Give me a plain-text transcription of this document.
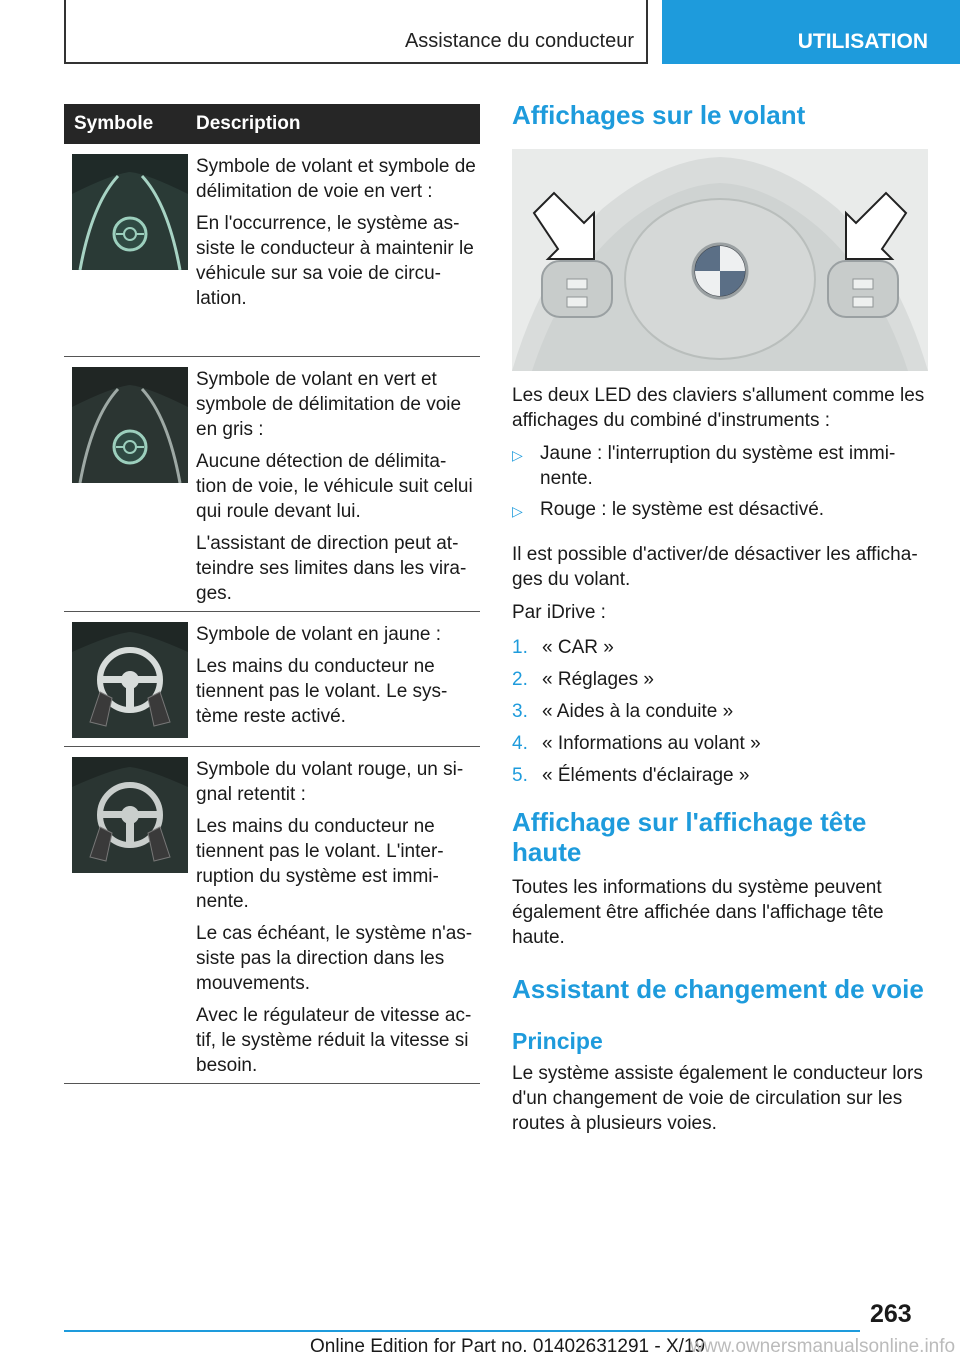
Assistance du conducteur	UTILISATION
Symbole	Description

Symbole de volant et symbole de délimitation de voie en vert :

En l'occurrence, le système as- siste le conducteur à maintenir le véhicule sur sa voie de circu- lation.

Symbole de volant en vert et symbole de délimitation de voie en gris :

Aucune détection de délimita- tion de voie, le véhicule suit celui qui roule devant lui.

L'assistant de direction peut at- teindre ses limites dans les vira- ges.

Symbole de volant en jaune :

Les mains du conducteur ne tiennent pas le volant. Le sys- tème reste activé.

Symbole du volant rouge, un si- gnal retentit :

Les mains du conducteur ne tiennent pas le volant. L'inter- ruption du système est immi- nente.

Le cas échéant, le système n'as- siste pas la direction dans les mouvements.

Avec le régulateur de vitesse ac- tif, le système réduit la vitesse si besoin.

Affichages sur le volant

Les deux LED des claviers s'allument comme les affichages du combiné d'instruments :

▷ Jaune : l'interruption du système est immi- nente.
▷ Rouge : le système est désactivé.

Il est possible d'activer/de désactiver les afficha- ges du volant.

Par iDrive :

1. « CAR »
2. « Réglages »
3. « Aides à la conduite »
4. « Informations au volant »
5. « Éléments d'éclairage »
Affichage sur l'affichage tête haute

Toutes les informations du système peuvent également être affichée dans l'affichage tête haute.

Assistant de changement de voie
Principe

Le système assiste également le conducteur lors d'un changement de voie de circulation sur les routes à plusieurs voies.

263
Online Edition for Part no. 01402631291 - X/19
www.ownersmanualsonline.info
